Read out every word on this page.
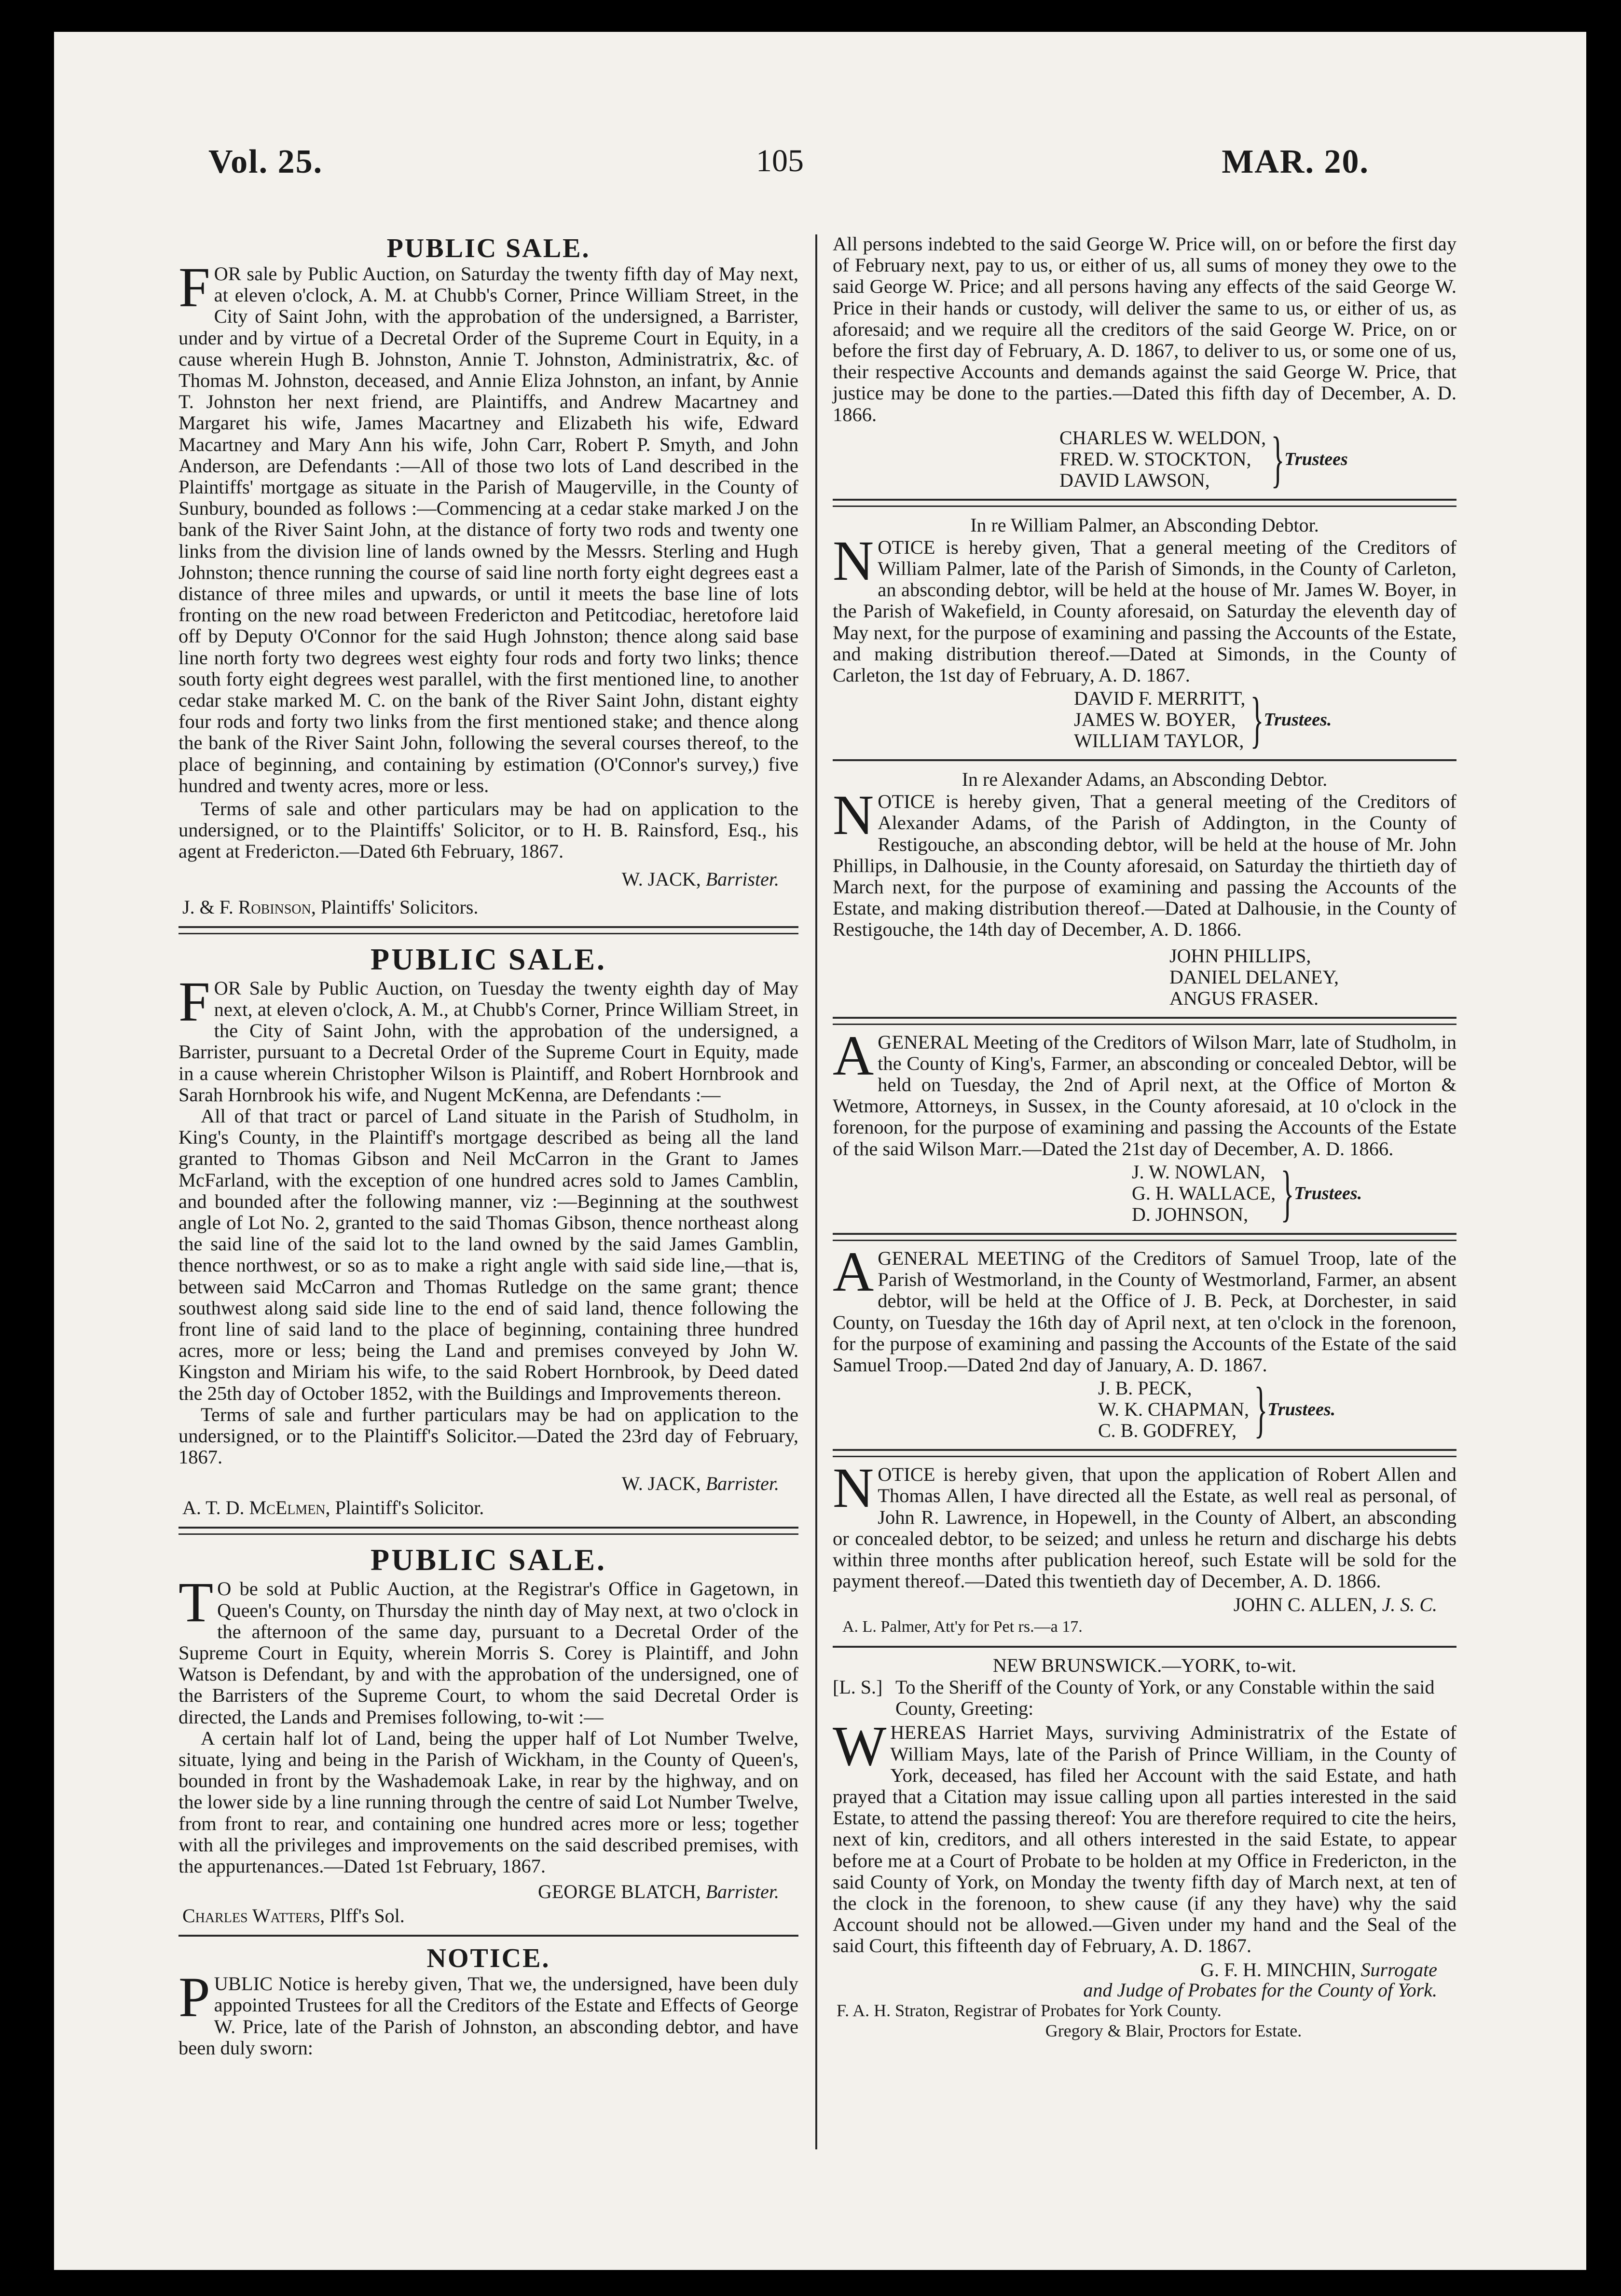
Vol. 25.	105	MAR. 20.
PUBLIC SALE.

FOR sale by Public Auction, on Saturday the twenty fifth day of May next, at eleven o'clock, A. M. at Chubb's Corner, Prince William Street, in the City of Saint John, with the approbation of the undersigned, a Barrister, under and by virtue of a Decretal Order of the Supreme Court in Equity, in a cause wherein Hugh B. Johnston, Annie T. Johnston, Administratrix, &c. of Thomas M. Johnston, deceased, and Annie Eliza Johnston, an infant, by Annie T. Johnston her next friend, are Plaintiffs, and Andrew Macartney and Margaret his wife, James Macartney and Elizabeth his wife, Edward Macartney and Mary Ann his wife, John Carr, Robert P. Smyth, and John Anderson, are Defendants :—All of those two lots of Land described in the Plaintiffs' mortgage as situate in the Parish of Maugerville, in the County of Sunbury, bounded as follows :—Commencing at a cedar stake marked J on the bank of the River Saint John, at the distance of forty two rods and twenty one links from the division line of lands owned by the Messrs. Sterling and Hugh Johnston; thence running the course of said line north forty eight degrees east a distance of three miles and upwards, or until it meets the base line of lots fronting on the new road between Fredericton and Petitcodiac, heretofore laid off by Deputy O'Connor for the said Hugh Johnston; thence along said base line north forty two degrees west eighty four rods and forty two links; thence south forty eight degrees west parallel, with the first mentioned line, to another cedar stake marked M. C. on the bank of the River Saint John, distant eighty four rods and forty two links from the first mentioned stake; and thence along the bank of the River Saint John, following the several courses thereof, to the place of beginning, and containing by estimation (O'Connor's survey,) five hundred and twenty acres, more or less.

Terms of sale and other particulars may be had on application to the undersigned, or to the Plaintiffs' Solicitor, or to H. B. Rainsford, Esq., his agent at Fredericton.—Dated 6th February, 1867.

W. JACK, Barrister.
J. & F. Robinson, Plaintiffs' Solicitors.
PUBLIC SALE.

FOR Sale by Public Auction, on Tuesday the twenty eighth day of May next, at eleven o'clock, A. M., at Chubb's Corner, Prince William Street, in the City of Saint John, with the approbation of the undersigned, a Barrister, pursuant to a Decretal Order of the Supreme Court in Equity, made in a cause wherein Christopher Wilson is Plaintiff, and Robert Hornbrook and Sarah Hornbrook his wife, and Nugent McKenna, are Defendants :—

All of that tract or parcel of Land situate in the Parish of Studholm, in King's County, in the Plaintiff's mortgage described as being all the land granted to Thomas Gibson and Neil McCarron in the Grant to James McFarland, with the exception of one hundred acres sold to James Camblin, and bounded after the following manner, viz :—Beginning at the southwest angle of Lot No. 2, granted to the said Thomas Gibson, thence northeast along the said line of the said lot to the land owned by the said James Gamblin, thence northwest, or so as to make a right angle with said side line,—that is, between said McCarron and Thomas Rutledge on the same grant; thence southwest along said side line to the end of said land, thence following the front line of said land to the place of beginning, containing three hundred acres, more or less; being the Land and premises conveyed by John W. Kingston and Miriam his wife, to the said Robert Hornbrook, by Deed dated the 25th day of October 1852, with the Buildings and Improvements thereon.

Terms of sale and further particulars may be had on application to the undersigned, or to the Plaintiff's Solicitor.—Dated the 23rd day of February, 1867.

W. JACK, Barrister.
A. T. D. McElmen, Plaintiff's Solicitor.
PUBLIC SALE.

T O be sold at Public Auction, at the Registrar's Office in Gagetown, in Queen's County, on Thursday the ninth day of May next, at two o'clock in the afternoon of the same day, pursuant to a Decretal Order of the Supreme Court in Equity, wherein Morris S. Corey is Plaintiff, and John Watson is Defendant, by and with the approbation of the undersigned, one of the Barristers of the Supreme Court, to whom the said Decretal Order is directed, the Lands and Premises following, to-wit :—

A certain half lot of Land, being the upper half of Lot Number Twelve, situate, lying and being in the Parish of Wickham, in the County of Queen's, bounded in front by the Washademoak Lake, in rear by the highway, and on the lower side by a line running through the centre of said Lot Number Twelve, from front to rear, and containing one hundred acres more or less; together with all the privileges and improvements on the said described premises, with the appurtenances.—Dated 1st February, 1867.

GEORGE BLATCH, Barrister.
Charles Watters, Plff's Sol.
NOTICE.

PUBLIC Notice is hereby given, That we, the undersigned, have been duly appointed Trustees for all the Creditors of the Estate and Effects of George W. Price, late of the Parish of Johnston, an absconding debtor, and have been duly sworn:

All persons indebted to the said George W. Price will, on or before the first day of February next, pay to us, or either of us, all sums of money they owe to the said George W. Price; and all persons having any effects of the said George W. Price in their hands or custody, will deliver the same to us, or either of us, as aforesaid; and we require all the creditors of the said George W. Price, on or before the first day of February, A. D. 1867, to deliver to us, or some one of us, their respective Accounts and demands against the said George W. Price, that justice may be done to the parties.—Dated this fifth day of December, A. D. 1866.

CHARLES W. WELDON,
FRED. W. STOCKTON,
DAVID LAWSON, }Trustees
In re William Palmer, an Absconding Debtor.

NOTICE is hereby given, That a general meeting of the Creditors of William Palmer, late of the Parish of Simonds, in the County of Carleton, an absconding debtor, will be held at the house of Mr. James W. Boyer, in the Parish of Wakefield, in County aforesaid, on Saturday the eleventh day of May next, for the purpose of examining and passing the Accounts of the Estate, and making distribution thereof.—Dated at Simonds, in the County of Carleton, the 1st day of February, A. D. 1867.

DAVID F. MERRITT,
JAMES W. BOYER,
WILLIAM TAYLOR, }Trustees.
In re Alexander Adams, an Absconding Debtor.

NOTICE is hereby given, That a general meeting of the Creditors of Alexander Adams, of the Parish of Addington, in the County of Restigouche, an absconding debtor, will be held at the house of Mr. John Phillips, in Dalhousie, in the County aforesaid, on Saturday the thirtieth day of March next, for the purpose of examining and passing the Accounts of the Estate, and making distribution thereof.—Dated at Dalhousie, in the County of Restigouche, the 14th day of December, A. D. 1866.

JOHN PHILLIPS,
DANIEL DELANEY,
ANGUS FRASER.

AGENERAL Meeting of the Creditors of Wilson Marr, late of Studholm, in the County of King's, Farmer, an absconding or concealed Debtor, will be held on Tuesday, the 2nd of April next, at the Office of Morton & Wetmore, Attorneys, in Sussex, in the County aforesaid, at 10 o'clock in the forenoon, for the purpose of examining and passing the Accounts of the Estate of the said Wilson Marr.—Dated the 21st day of December, A. D. 1866.

J. W. NOWLAN,
G. H. WALLACE,
D. JOHNSON, }Trustees.

AGENERAL MEETING of the Creditors of Samuel Troop, late of the Parish of Westmorland, in the County of Westmorland, Farmer, an absent debtor, will be held at the Office of J. B. Peck, at Dorchester, in said County, on Tuesday the 16th day of April next, at ten o'clock in the forenoon, for the purpose of examining and passing the Accounts of the Estate of the said Samuel Troop.—Dated 2nd day of January, A. D. 1867.

J. B. PECK,
W. K. CHAPMAN,
C. B. GODFREY, }Trustees.

NOTICE is hereby given, that upon the application of Robert Allen and Thomas Allen, I have directed all the Estate, as well real as personal, of John R. Lawrence, in Hopewell, in the County of Albert, an absconding or concealed debtor, to be seized; and unless he return and discharge his debts within three months after publication hereof, such Estate will be sold for the payment thereof.—Dated this twentieth day of December, A. D. 1866.

JOHN C. ALLEN, J. S. C.
A. L. Palmer, Att'y for Pet rs.—a 17.
NEW BRUNSWICK.—YORK, to-wit.
[L. S.] To the Sheriff of the County of York, or any Constable within the said County, Greeting:

WHEREAS Harriet Mays, surviving Administratrix of the Estate of William Mays, late of the Parish of Prince William, in the County of York, deceased, has filed her Account with the said Estate, and hath prayed that a Citation may issue calling upon all parties interested in the said Estate, to attend the passing thereof: You are therefore required to cite the heirs, next of kin, creditors, and all others interested in the said Estate, to appear before me at a Court of Probate to be holden at my Office in Fredericton, in the said County of York, on Monday the twenty fifth day of March next, at ten of the clock in the forenoon, to shew cause (if any they have) why the said Account should not be allowed.—Given under my hand and the Seal of the said Court, this fifteenth day of February, A. D. 1867.

G. F. H. MINCHIN, Surrogate
and Judge of Probates for the County of York.
F. A. H. Straton, Registrar of Probates for York County.
Gregory & Blair, Proctors for Estate.
